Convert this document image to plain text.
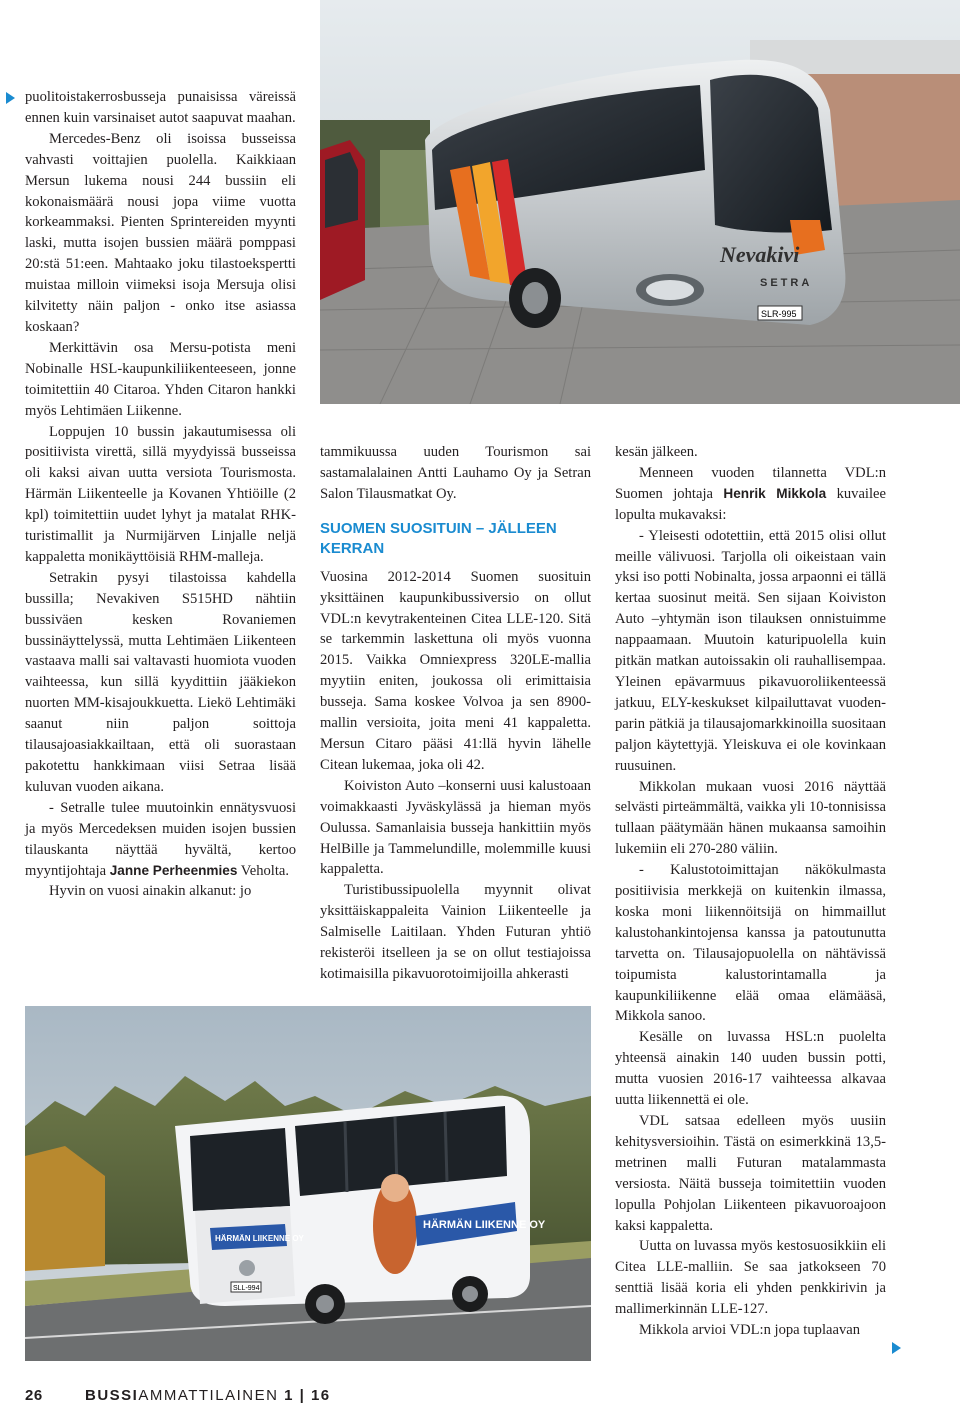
Nevakivi
SETRA
SLR-995

puolitoistakerrosbusseja punaisissa väreissä ennen kuin varsinaiset autot saapuvat maahan.

Mercedes-Benz oli isoissa busseissa vahvasti voittajien puolella. Kaikkiaan Mersun lukema nousi 244 bussiin eli kokonaismäärä nousi jopa viime vuotta korkeammaksi. Pienten Sprintereiden myynti laski, mutta isojen bussien määrä pomppasi 20:stä 51:een. Mahtaako joku tilastoekspertti muistaa milloin viimeksi isoja Mersuja olisi kilvitetty näin paljon - onko itse asiassa koskaan?

Merkittävin osa Mersu-potista meni Nobinalle HSL-kaupunkiliikenteeseen, jonne toimitettiin 40 Citaroa. Yhden Citaron hankki myös Lehtimäen Liikenne.

Loppujen 10 bussin jakautumisessa oli positiivista virettä, sillä myydyissä busseissa oli kaksi aivan uutta versiota Tourismosta. Härmän Liikenteelle ja Kovanen Yhtiöille (2 kpl) toimitettiin uudet lyhyt ja matalat RHK-turistimallit ja Nurmijärven Linjalle neljä kappaletta monikäyttöisiä RHM-malleja.

Setrakin pysyi tilastoissa kahdella bussilla; Nevakiven S515HD nähtiin bussiväen kesken Rovaniemen bussinäyttelyssä, mutta Lehtimäen Liikenteen vastaava malli sai valtavasti huomiota vuoden vaihteessa, kun sillä kyydittiin jääkiekon nuorten MM-kisajoukkuetta. Liekö Lehtimäki saanut niin paljon soittoja tilausajoasiakkailtaan, että oli suorastaan pakotettu hankkimaan viisi Setraa lisää kuluvan vuoden aikana.

- Setralle tulee muutoinkin ennätysvuosi ja myös Mercedeksen muiden isojen bussien tilauskanta näyttää hyvältä, kertoo myyntijohtaja Janne Perheenmies Veholta.

Hyvin on vuosi ainakin alkanut: jo

tammikuussa uuden Tourismon sai sastamalalainen Antti Lauhamo Oy ja Setran Salon Tilausmatkat Oy.

SUOMEN SUOSITUIN – JÄLLEEN KERRAN

Vuosina 2012-2014 Suomen suosituin yksittäinen kaupunkibussiversio on ollut VDL:n kevytrakenteinen Citea LLE-120. Sitä se tarkemmin laskettuna oli myös vuonna 2015. Vaikka Omniexpress 320LE-mallia myytiin eniten, joukossa oli erimittaisia busseja. Sama koskee Volvoa ja sen 8900-mallin versioita, joita meni 41 kappaletta. Mersun Citaro pääsi 41:llä hyvin lähelle Citean lukemaa, joka oli 42.

Koiviston Auto –konserni uusi kalustoaan voimakkaasti Jyväskylässä ja hieman myös Oulussa. Samanlaisia busseja hankittiin myös HelBille ja Tammelundille, molemmille kuusi kappaletta.

Turistibussipuolella myynnit olivat yksittäiskappaleita Vainion Liikenteelle ja Salmiselle Laitilaan. Yhden Futuran yhtiö rekisteröi itselleen ja se on ollut testiajoissa kotimaisilla pikavuorotoimijoilla ahkerasti

kesän jälkeen.

Menneen vuoden tilannetta VDL:n Suomen johtaja Henrik Mikkola kuvailee lopulta mukavaksi:

- Yleisesti odotettiin, että 2015 olisi ollut meille välivuosi. Tarjolla oli oikeistaan vain yksi iso potti Nobinalta, jossa arpaonni ei tällä kertaa suosinut meitä. Sen sijaan Koiviston Auto –yhtymän ison tilauksen onnistuimme nappaamaan. Muutoin katuripuolella kuin pitkän matkan autoissakin oli rauhallisempaa. Yleinen epävarmuus pikavuoroliikenteessä jatkuu, ELY-keskukset kilpailuttavat vuoden-parin pätkiä ja tilausajomarkkinoilla suositaan paljon käytettyjä. Yleiskuva ei ole kovinkaan ruusuinen.

Mikkolan mukaan vuosi 2016 näyttää selvästi pirteämmältä, vaikka yli 10-tonnisissa tullaan päätymään hänen mukaansa samoihin lukemiin eli 270-280 väliin.

- Kalustotoimittajan näkökulmasta positiivisia merkkejä on kuitenkin ilmassa, koska moni liikennöitsijä on himmaillut kalustohankintojensa kanssa ja patoutunutta tarvetta on. Tilausajopuolella on nähtävissä toipumista kalustorintamalla ja kaupunkiliikenne elää omaa elämääsä, Mikkola sanoo.

Kesälle on luvassa HSL:n puolelta yhteensä ainakin 140 uuden bussin potti, mutta vuosien 2016-17 vaihteessa alkavaa uutta liikennettä ei ole.

VDL satsaa edelleen myös uusiin kehitysversioihin. Tästä on esimerkkinä 13,5-metrinen malli Futuran matalammasta versiosta. Näitä busseja toimitettiin vuoden lopulla Pohjolan Liikenteen pikavuoroajoon kaksi kappaletta.

Uutta on luvassa myös kestosuosikkiin eli Citea LLE-malliin. Se saa jatkokseen 70 senttiä lisää koria eli yhden penkkirivin ja mallimerkinnän LLE-127.

Mikkola arvioi VDL:n jopa tuplaavan

HÄRMÄN LIIKENNE OY
HÄRMÄN LIIKENNE OY
SLL-994
26	BUSSIAMMATTILAINEN 1 | 16
